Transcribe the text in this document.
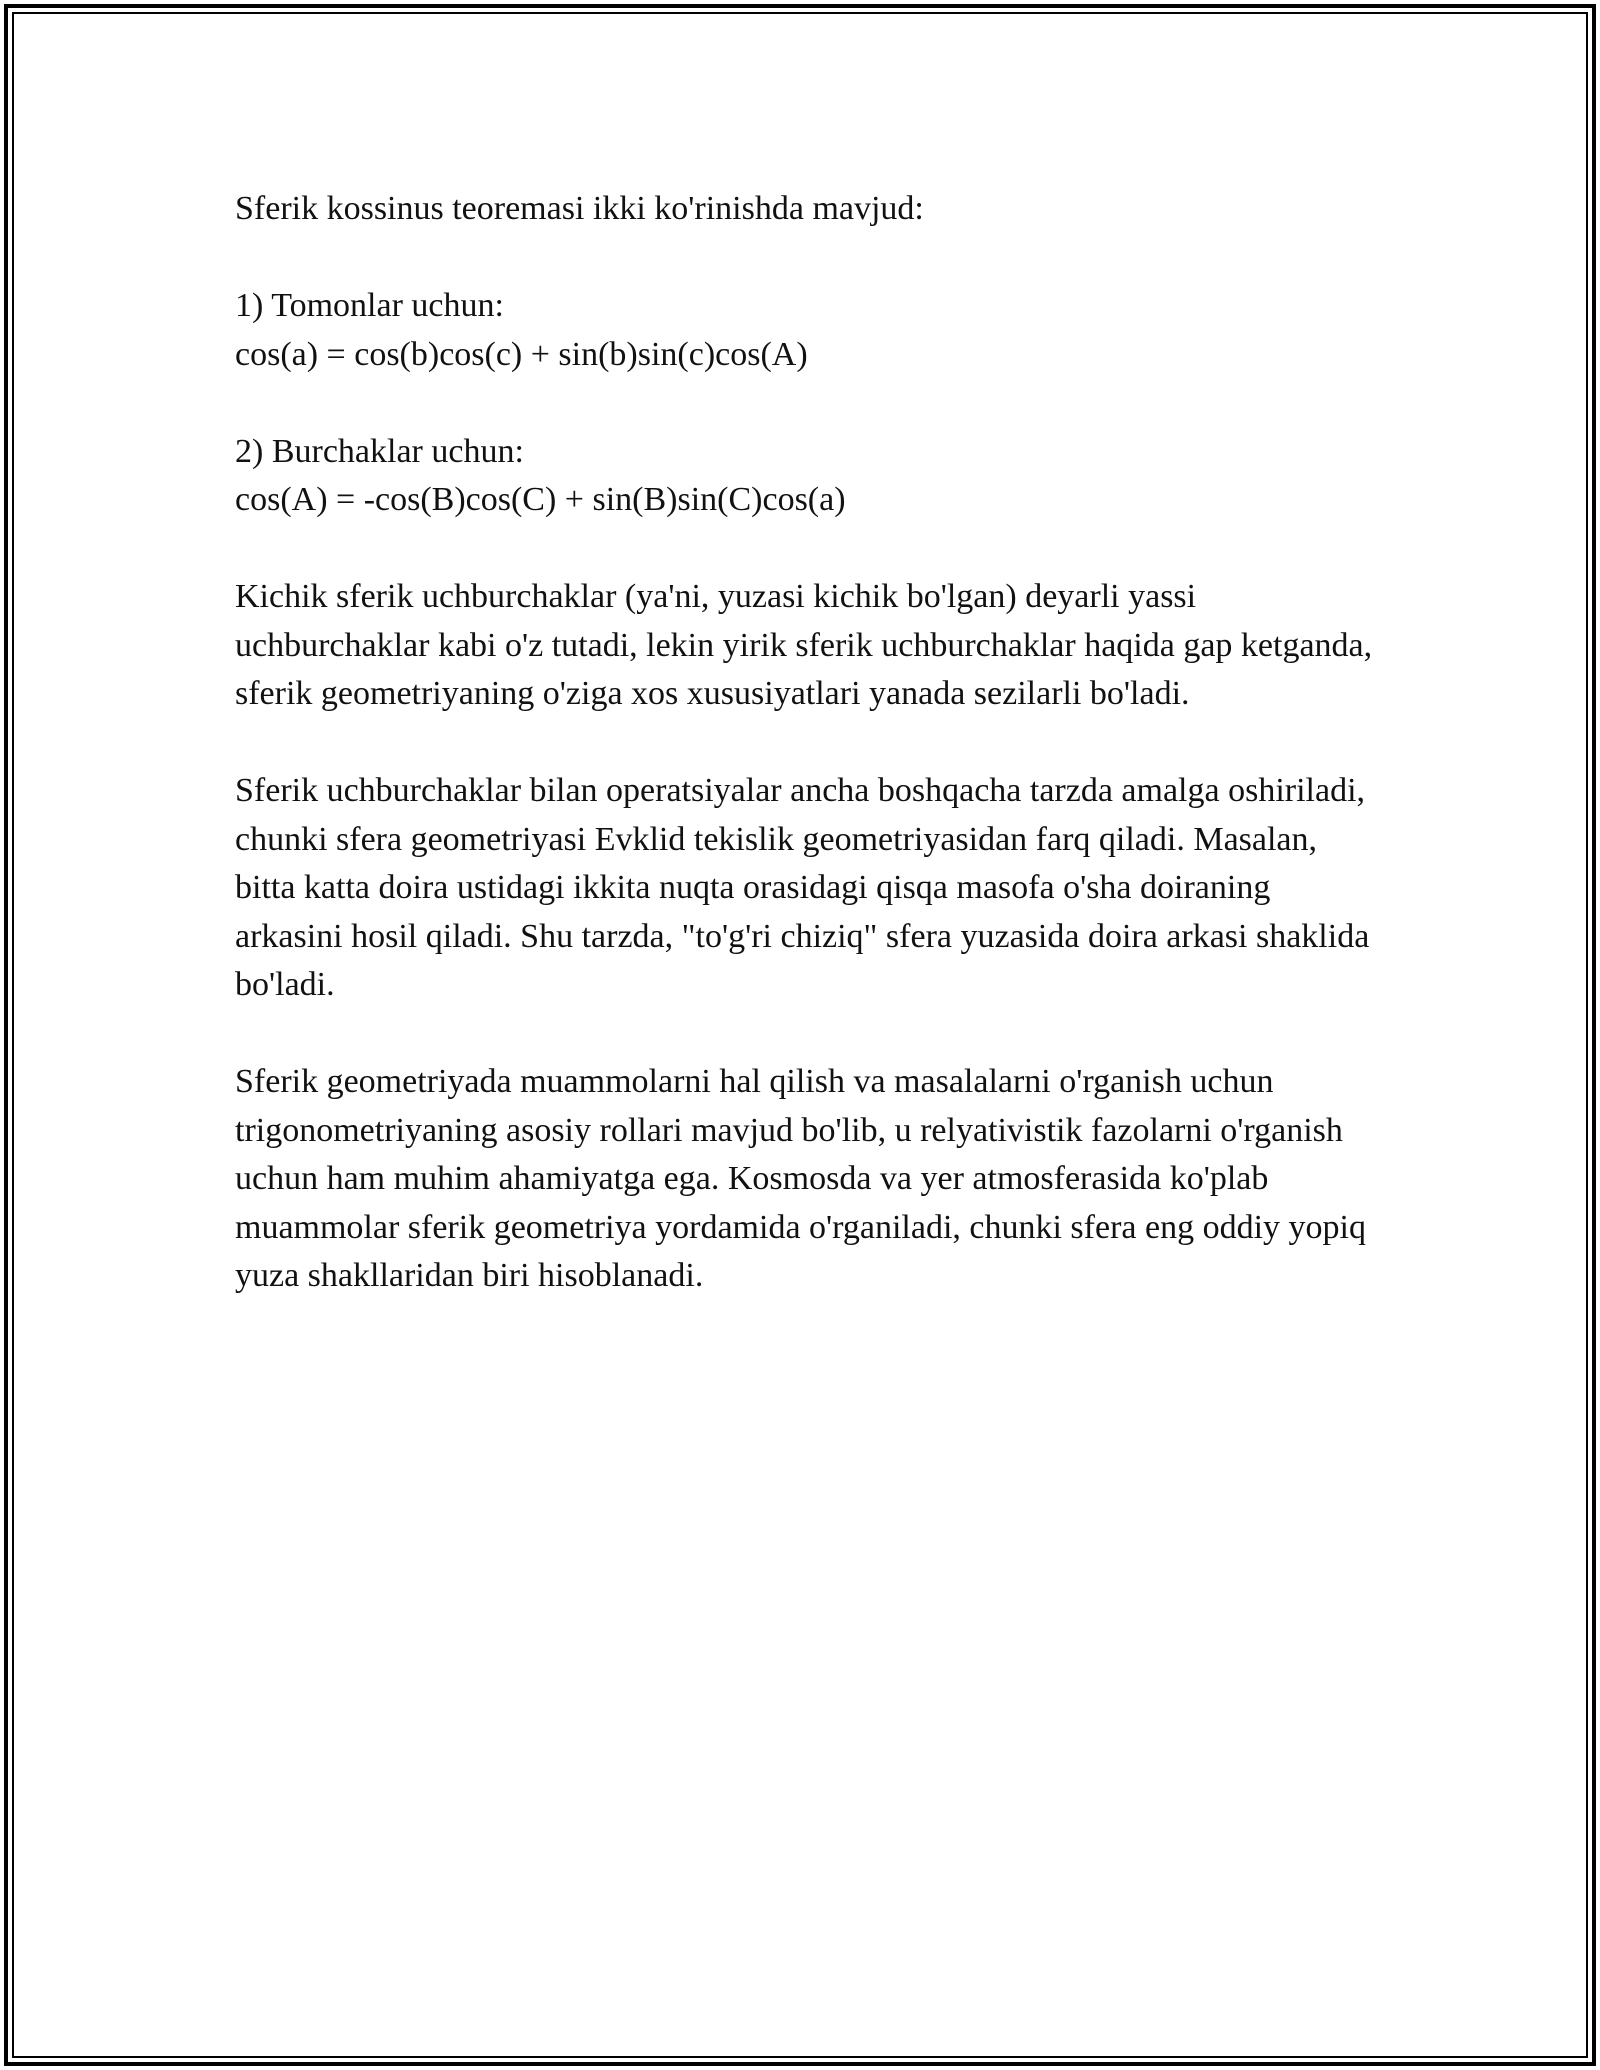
Sferik kossinus teoremasi ikki ko'rinishda mavjud:

1) Tomonlar uchun:

cos(a) = cos(b)cos(c) + sin(b)sin(c)cos(A)

2) Burchaklar uchun:

cos(A) = -cos(B)cos(C) + sin(B)sin(C)cos(a)

Kichik sferik uchburchaklar (ya'ni, yuzasi kichik bo'lgan) deyarli yassi uchburchaklar kabi o'z tutadi, lekin yirik sferik uchburchaklar haqida gap ketganda, sferik geometriyaning o'ziga xos xususiyatlari yanada sezilarli bo'ladi.

Sferik uchburchaklar bilan operatsiyalar ancha boshqacha tarzda amalga oshiriladi, chunki sfera geometriyasi Evklid tekislik geometriyasidan farq qiladi. Masalan, bitta katta doira ustidagi ikkita nuqta orasidagi qisqa masofa o'sha doiraning arkasini hosil qiladi. Shu tarzda, "to'g'ri chiziq" sfera yuzasida doira arkasi shaklida bo'ladi.

Sferik geometriyada muammolarni hal qilish va masalalarni o'rganish uchun trigonometriyaning asosiy rollari mavjud bo'lib, u relyativistik fazolarni o'rganish uchun ham muhim ahamiyatga ega. Kosmosda va yer atmosferasida ko'plab muammolar sferik geometriya yordamida o'rganiladi, chunki sfera eng oddiy yopiq yuza shakllaridan biri hisoblanadi.
